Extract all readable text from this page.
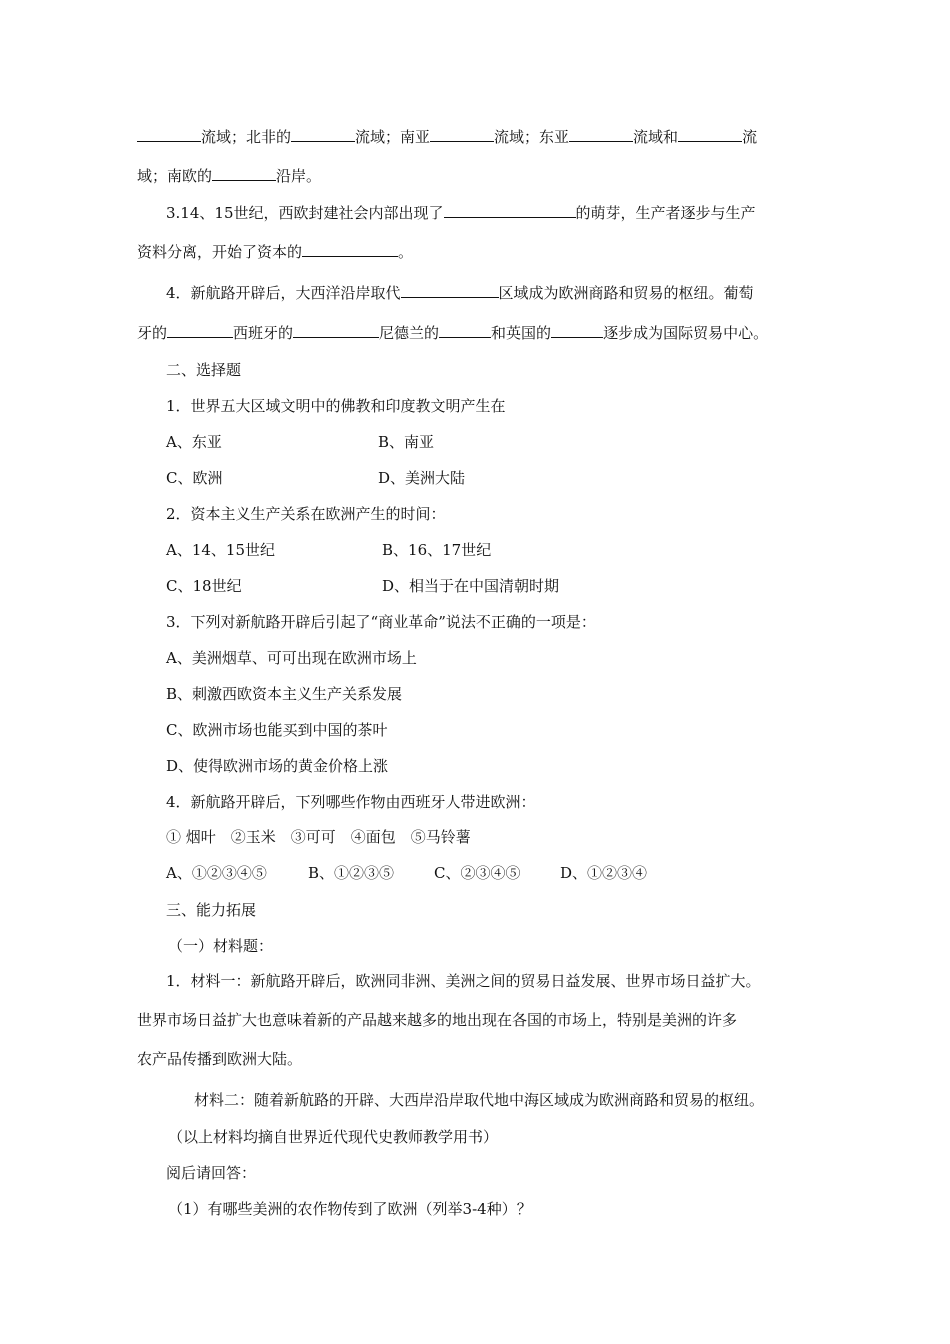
流域；北非的	流域；南亚	流域；东亚	流域和	流
域；南欧的	沿岸。
3.14、15世纪，西欧封建社会内部出现了	的萌芽，生产者逐步与生产
资料分离，开始了资本的	。
4．新航路开辟后，大西洋沿岸取代	区域成为欧洲商路和贸易的枢纽。葡萄
牙的	西班牙的	尼德兰的	和英国的	逐步成为国际贸易中心。
二、选择题
1．世界五大区域文明中的佛教和印度教文明产生在
A、东亚	B、南亚
C、欧洲	D、美洲大陆
2．资本主义生产关系在欧洲产生的时间：
A、14、15世纪	B、16、17世纪
C、18世纪	D、相当于在中国清朝时期
3．下列对新航路开辟后引起了“商业革命”说法不正确的一项是：
A、美洲烟草、可可出现在欧洲市场上
B、刺激西欧资本主义生产关系发展
C、欧洲市场也能买到中国的茶叶
D、使得欧洲市场的黄金价格上涨
4．新航路开辟后，下列哪些作物由西班牙人带进欧洲：
① 烟叶　②玉米　③可可　④面包　⑤马铃薯
A、①②③④⑤	B、①②③⑤	C、②③④⑤	D、①②③④
三、能力拓展
（一）材料题：
1．材料一：新航路开辟后，欧洲同非洲、美洲之间的贸易日益发展、世界市场日益扩大。
世界市场日益扩大也意味着新的产品越来越多的地出现在各国的市场上，特别是美洲的许多
农产品传播到欧洲大陆。
材料二：随着新航路的开辟、大西岸沿岸取代地中海区域成为欧洲商路和贸易的枢纽。
（以上材料均摘自世界近代现代史教师教学用书）
阅后请回答：
（1）有哪些美洲的农作物传到了欧洲（列举3-4种）？
